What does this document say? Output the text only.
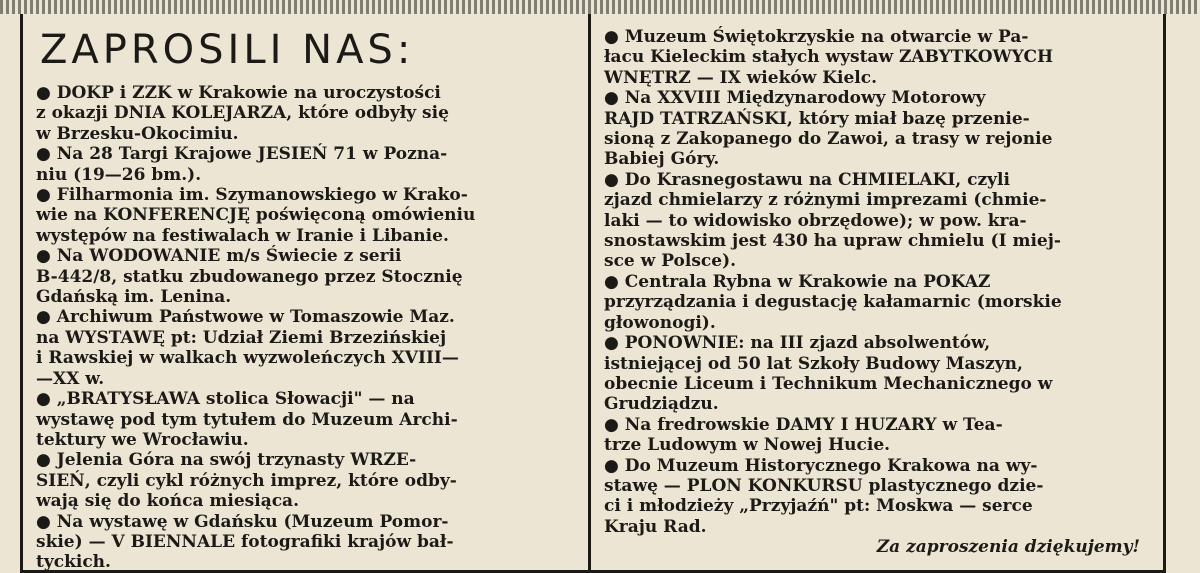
ZAPROSILI NAS:
● DOKP i ZZK w Krakowie na uroczystości
z okazji DNIA KOLEJARZA, które odbyły się
w Brzesku-Okocimiu.
● Na 28 Targi Krajowe JESIEŃ 71 w Pozna-
niu (19—26 bm.).
● Filharmonia im. Szymanowskiego w Krako-
wie na KONFERENCJĘ poświęconą omówieniu
występów na festiwalach w Iranie i Libanie.
● Na WODOWANIE m/s Świecie z serii
B-442/8, statku zbudowanego przez Stocznię
Gdańską im. Lenina.
● Archiwum Państwowe w Tomaszowie Maz.
na WYSTAWĘ pt: Udział Ziemi Brzezińskiej
i Rawskiej w walkach wyzwoleńczych XVIII—
—XX w.
● „BRATYSŁAWA stolica Słowacji" — na
wystawę pod tym tytułem do Muzeum Archi-
tektury we Wrocławiu.
● Jelenia Góra na swój trzynasty WRZE-
SIEŃ, czyli cykl różnych imprez, które odby-
wają się do końca miesiąca.
● Na wystawę w Gdańsku (Muzeum Pomor-
skie) — V BIENNALE fotografiki krajów bał-
tyckich.
● Muzeum Świętokrzyskie na otwarcie w Pa-
łacu Kieleckim stałych wystaw ZABYTKOWYCH
WNĘTRZ — IX wieków Kielc.
● Na XXVIII Międzynarodowy Motorowy
RAJD TATRZAŃSKI, który miał bazę przenie-
sioną z Zakopanego do Zawoi, a trasy w rejonie
Babiej Góry.
● Do Krasnegostawu na CHMIELAKI, czyli
zjazd chmielarzy z różnymi imprezami (chmie-
laki — to widowisko obrzędowe); w pow. kra-
snostawskim jest 430 ha upraw chmielu (I miej-
sce w Polsce).
● Centrala Rybna w Krakowie na POKAZ
przyrządzania i degustację kałamarnic (morskie
głowonogi).
● PONOWNIE: na III zjazd absolwentów,
istniejącej od 50 lat Szkoły Budowy Maszyn,
obecnie Liceum i Technikum Mechanicznego w
Grudziądzu.
● Na fredrowskie DAMY I HUZARY w Tea-
trze Ludowym w Nowej Hucie.
● Do Muzeum Historycznego Krakowa na wy-
stawę — PLON KONKURSU plastycznego dzie-
ci i młodzieży „Przyjaźń" pt: Moskwa — serce
Kraju Rad.
Za zaproszenia dziękujemy!
